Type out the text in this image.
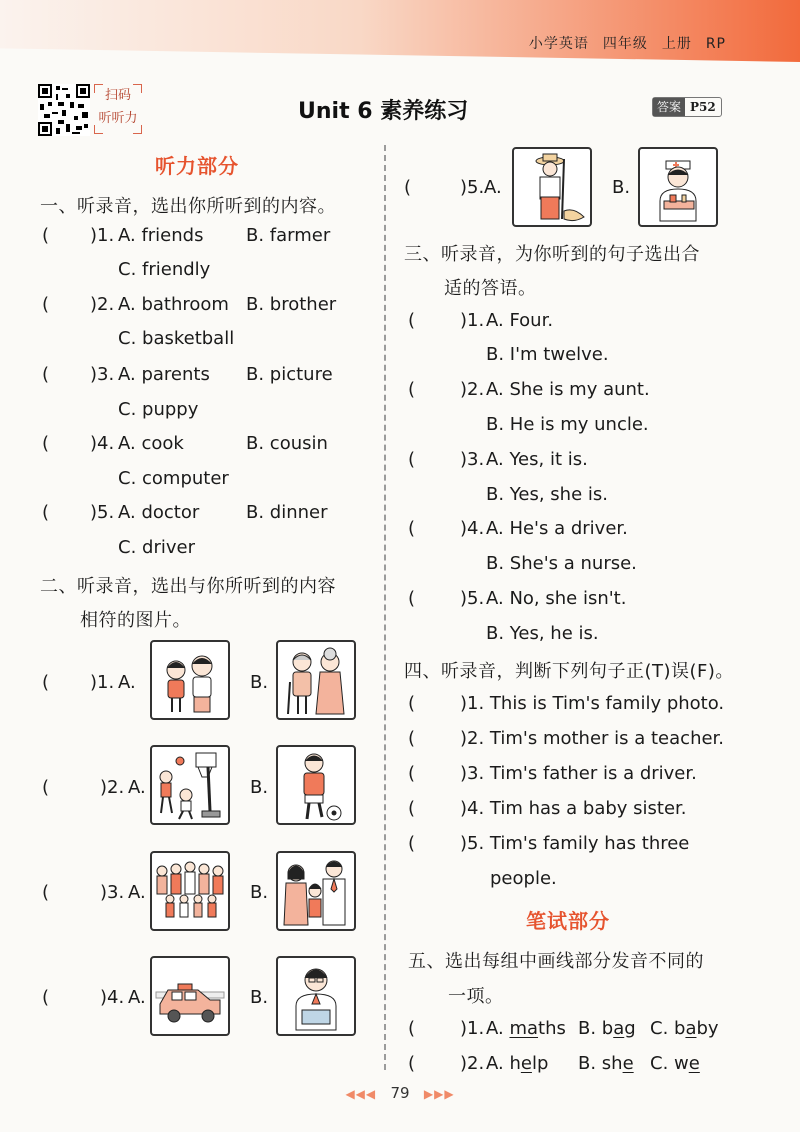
小学英语 四年级 上册 RP
扫码
听听力	Unit 6 素养练习	答案 P52
听力部分
一、听录音，选出你所听到的内容。
( )1. A. friends B. farmer
C. friendly
( )2. A. bathroom B. brother
C. basketball
( )3. A. parents B. picture
C. puppy
( )4. A. cook	B. cousin
C. computer
( )5. A. doctor	B. dinner
C. driver
二、听录音，选出与你所听到的内容
相符的图片。
( )1. A.	B.
(	)2. A.	B.
(	)3. A.	B.
(	)4. A.	B.
(	)5. A.	B.
三、听录音，为你听到的句子选出合
适的答语。
( )1. A. Four.
B. I'm twelve.
( )2. A. She is my aunt.
B. He is my uncle.
( )3. A. Yes, it is.
B. Yes, she is.
( )4. A. He's a driver.
B. She's a nurse.
( )5. A. No, she isn't.
B. Yes, he is.
四、听录音，判断下列句子正(T)误(F)。
( )1. This is Tim's family photo.
( )2. Tim's mother is a teacher.
( )3. Tim's father is a driver.
( )4. Tim has a baby sister.
( )5. Tim's family has three
people.
笔试部分
五、选出每组中画线部分发音不同的
一项。
( )1. A. maths B. bag C. baby
( )2. A. help B. she C. we
◀◀◀ 79 ▶▶▶
